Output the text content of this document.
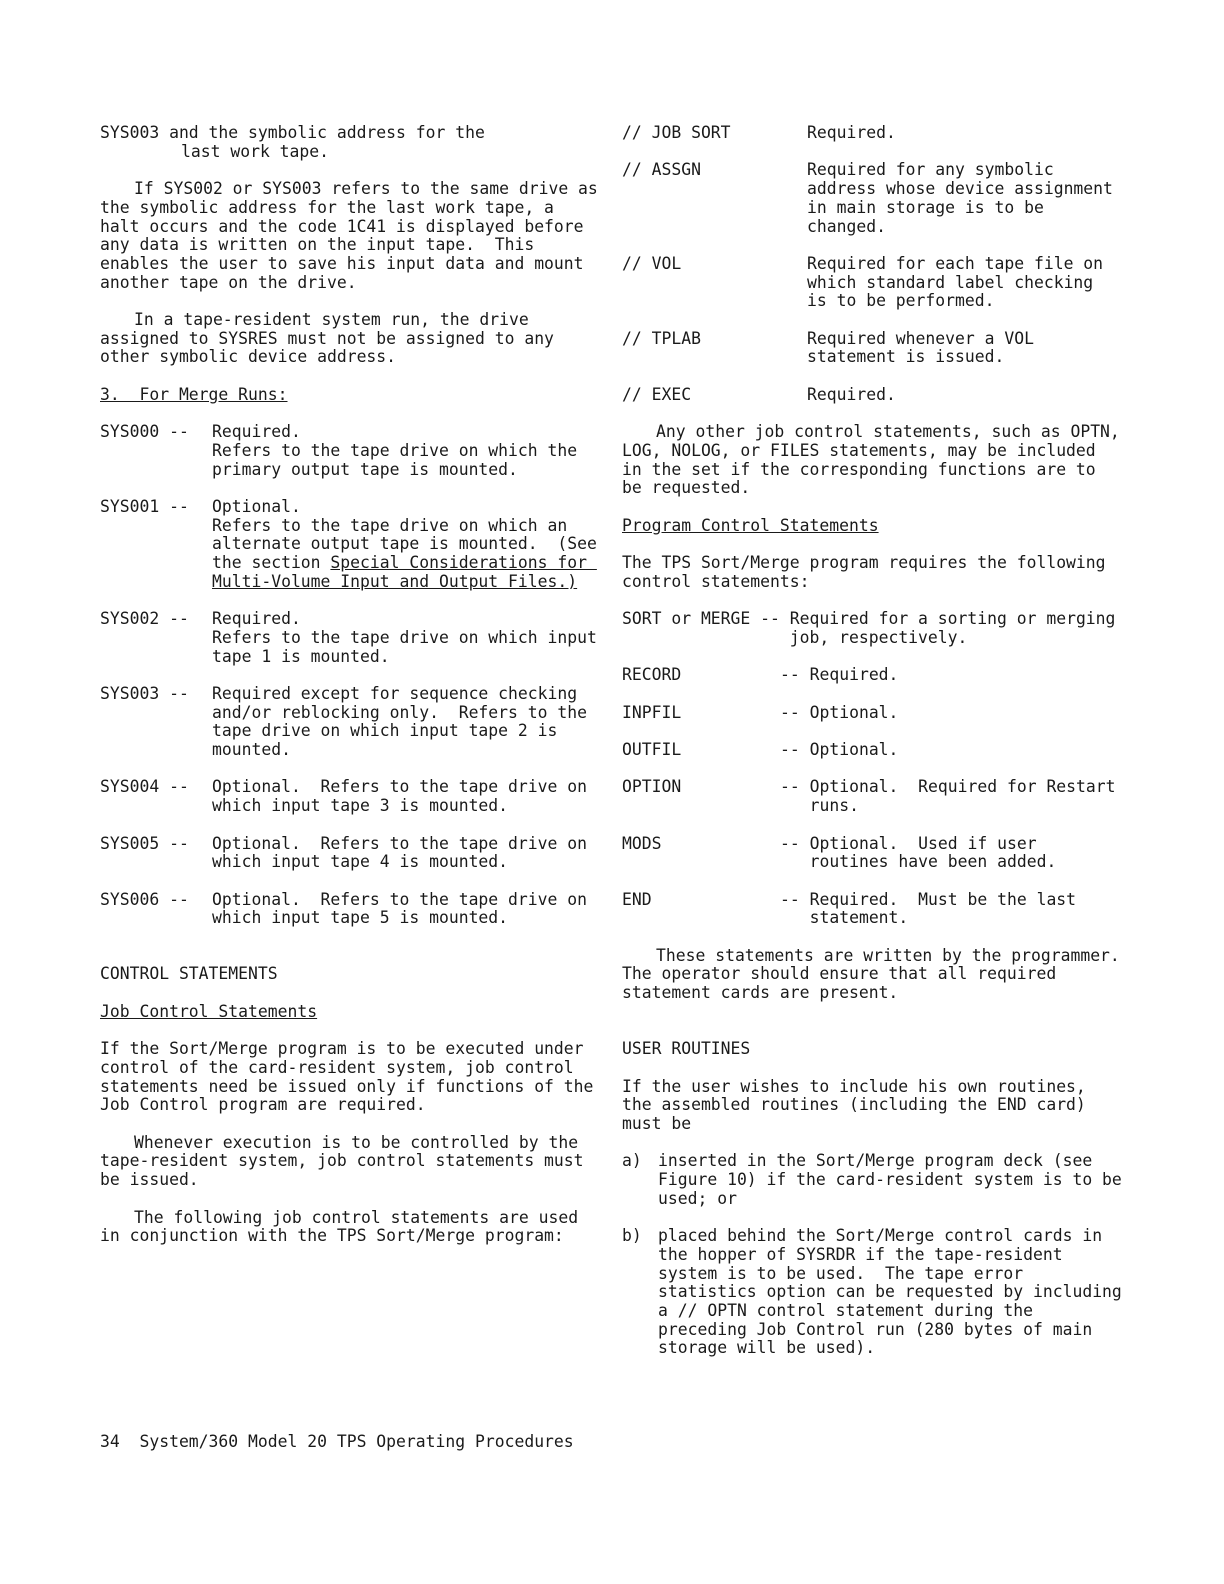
SYS003 and the symbolic address for the
last work tape.

If SYS002 or SYS003 refers to the same drive as the symbolic address for the last work tape, a halt occurs and the code 1C41 is displayed before any data is written on the input tape.  This enables the user to save his input data and mount another tape on the drive.

In a tape-resident system run, the drive assigned to SYSRES must not be assigned to any other symbolic device address.

3.  For Merge Runs:

SYS000 -- Required.
Refers to the tape drive on which the primary output tape is mounted.
SYS001 -- Optional.
Refers to the tape drive on which an alternate output tape is mounted.  (See the section Special Considerations for Multi-Volume Input and Output Files.)
SYS002 -- Required.
Refers to the tape drive on which input tape 1 is mounted.
SYS003 -- Required except for sequence checking and/or reblocking only.  Refers to the tape drive on which input tape 2 is mounted.
SYS004 -- Optional.  Refers to the tape drive on which input tape 3 is mounted.
SYS005 -- Optional.  Refers to the tape drive on which input tape 4 is mounted.
SYS006 -- Optional.  Refers to the tape drive on which input tape 5 is mounted.

CONTROL STATEMENTS

Job Control Statements

If the Sort/Merge program is to be executed under control of the card-resident system, job control statements need be issued only if functions of the Job Control program are required.

Whenever execution is to be controlled by the tape-resident system, job control statements must be issued.

The following job control statements are used in conjunction with the TPS Sort/Merge program:

// JOB SORT	Required.
// ASSGN	Required for any symbolic address whose device assignment in main storage is to be changed.
// VOL	Required for each tape file on which standard label checking is to be performed.
// TPLAB	Required whenever a VOL statement is issued.
// EXEC	Required.

Any other job control statements, such as OPTN, LOG, NOLOG, or FILES statements, may be included in the set if the corresponding functions are to be requested.

Program Control Statements

The TPS Sort/Merge program requires the following control statements:

SORT or MERGE -- Required for a sorting or merging job, respectively.
RECORD	-- Required.
INPFIL	-- Optional.
OUTFIL	-- Optional.
OPTION	-- Optional.  Required for Restart runs.
MODS	-- Optional.  Used if user routines have been added.
END	-- Required.  Must be the last statement.

These statements are written by the programmer.  The operator should ensure that all required statement cards are present.

USER ROUTINES

If the user wishes to include his own routines, the assembled routines (including the END card) must be

a) inserted in the Sort/Merge program deck (see Figure 10) if the card-resident system is to be used; or
b) placed behind the Sort/Merge control cards in the hopper of SYSRDR if the tape-resident system is to be used.  The tape error statistics option can be requested by including a // OPTN control statement during the preceding Job Control run (280 bytes of main storage will be used).
34  System/360 Model 20 TPS Operating Procedures
